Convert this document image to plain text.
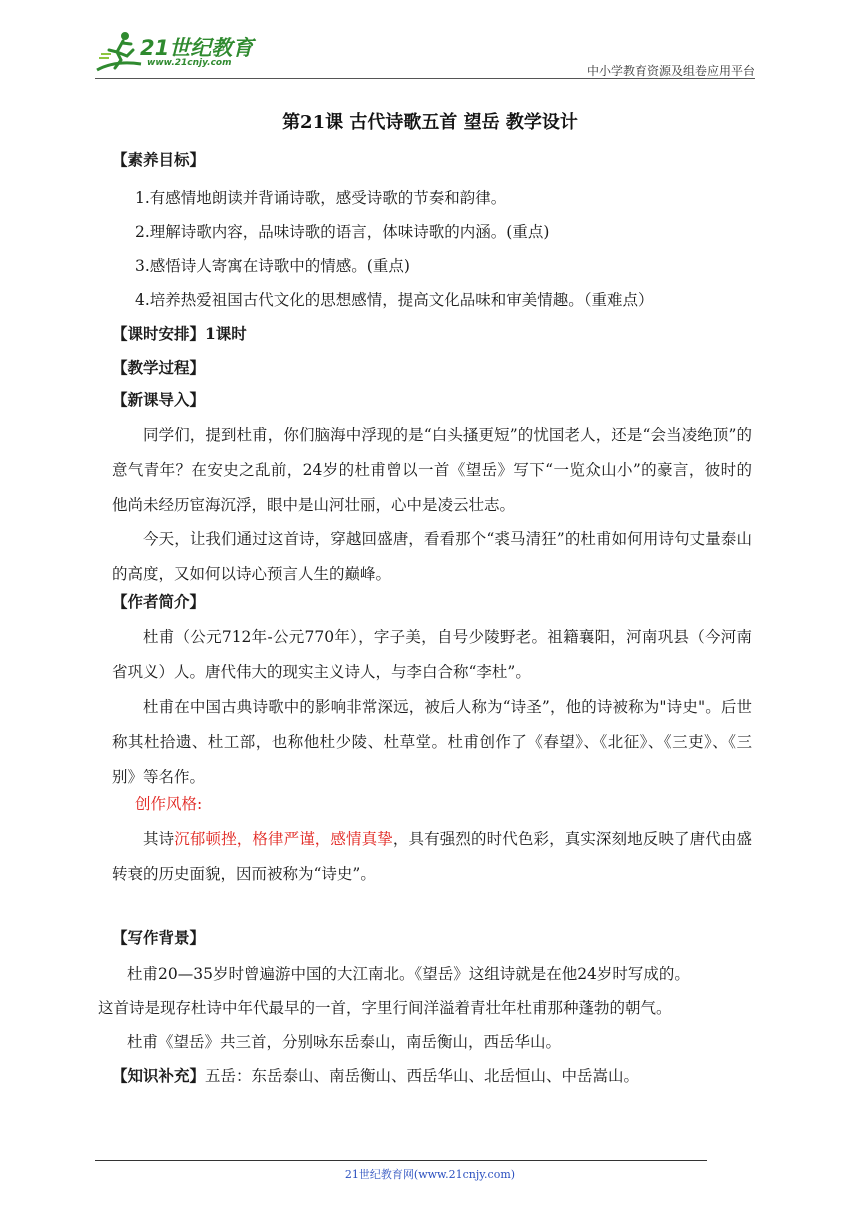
21世纪教育
www.21cnjy.com
中小学教育资源及组卷应用平台
第21课 古代诗歌五首 望岳 教学设计
【素养目标】
1.有感情地朗读并背诵诗歌，感受诗歌的节奏和韵律。
2.理解诗歌内容，品味诗歌的语言，体味诗歌的内涵。(重点)
3.感悟诗人寄寓在诗歌中的情感。(重点)
4.培养热爱祖国古代文化的思想感情，提高文化品味和审美情趣。（重难点）
【课时安排】1课时
【教学过程】
【新课导入】
同学们，提到杜甫，你们脑海中浮现的是“白头搔更短”的忧国老人，还是“会当凌绝顶”的意气青年？在安史之乱前，24岁的杜甫曾以一首《望岳》写下“一览众山小”的豪言，彼时的他尚未经历宦海沉浮，眼中是山河壮丽，心中是凌云壮志。
今天，让我们通过这首诗，穿越回盛唐，看看那个“裘马清狂”的杜甫如何用诗句丈量泰山的高度，又如何以诗心预言人生的巅峰。
【作者简介】
杜甫（公元712年-公元770年），字子美，自号少陵野老。祖籍襄阳，河南巩县（今河南省巩义）人。唐代伟大的现实主义诗人，与李白合称“李杜”。
杜甫在中国古典诗歌中的影响非常深远，被后人称为“诗圣”，他的诗被称为"诗史"。后世称其杜拾遗、杜工部，也称他杜少陵、杜草堂。杜甫创作了《春望》、《北征》、《三吏》、《三别》等名作。
创作风格:
其诗沉郁顿挫，格律严谨，感情真挚，具有强烈的时代色彩，真实深刻地反映了唐代由盛转衰的历史面貌，因而被称为“诗史”。
【写作背景】
杜甫20—35岁时曾遍游中国的大江南北。《望岳》这组诗就是在他24岁时写成的。
这首诗是现存杜诗中年代最早的一首，字里行间洋溢着青壮年杜甫那种蓬勃的朝气。
杜甫《望岳》共三首，分别咏东岳泰山，南岳衡山，西岳华山。
【知识补充】五岳：东岳泰山、南岳衡山、西岳华山、北岳恒山、中岳嵩山。
21世纪教育网(www.21cnjy.com)
